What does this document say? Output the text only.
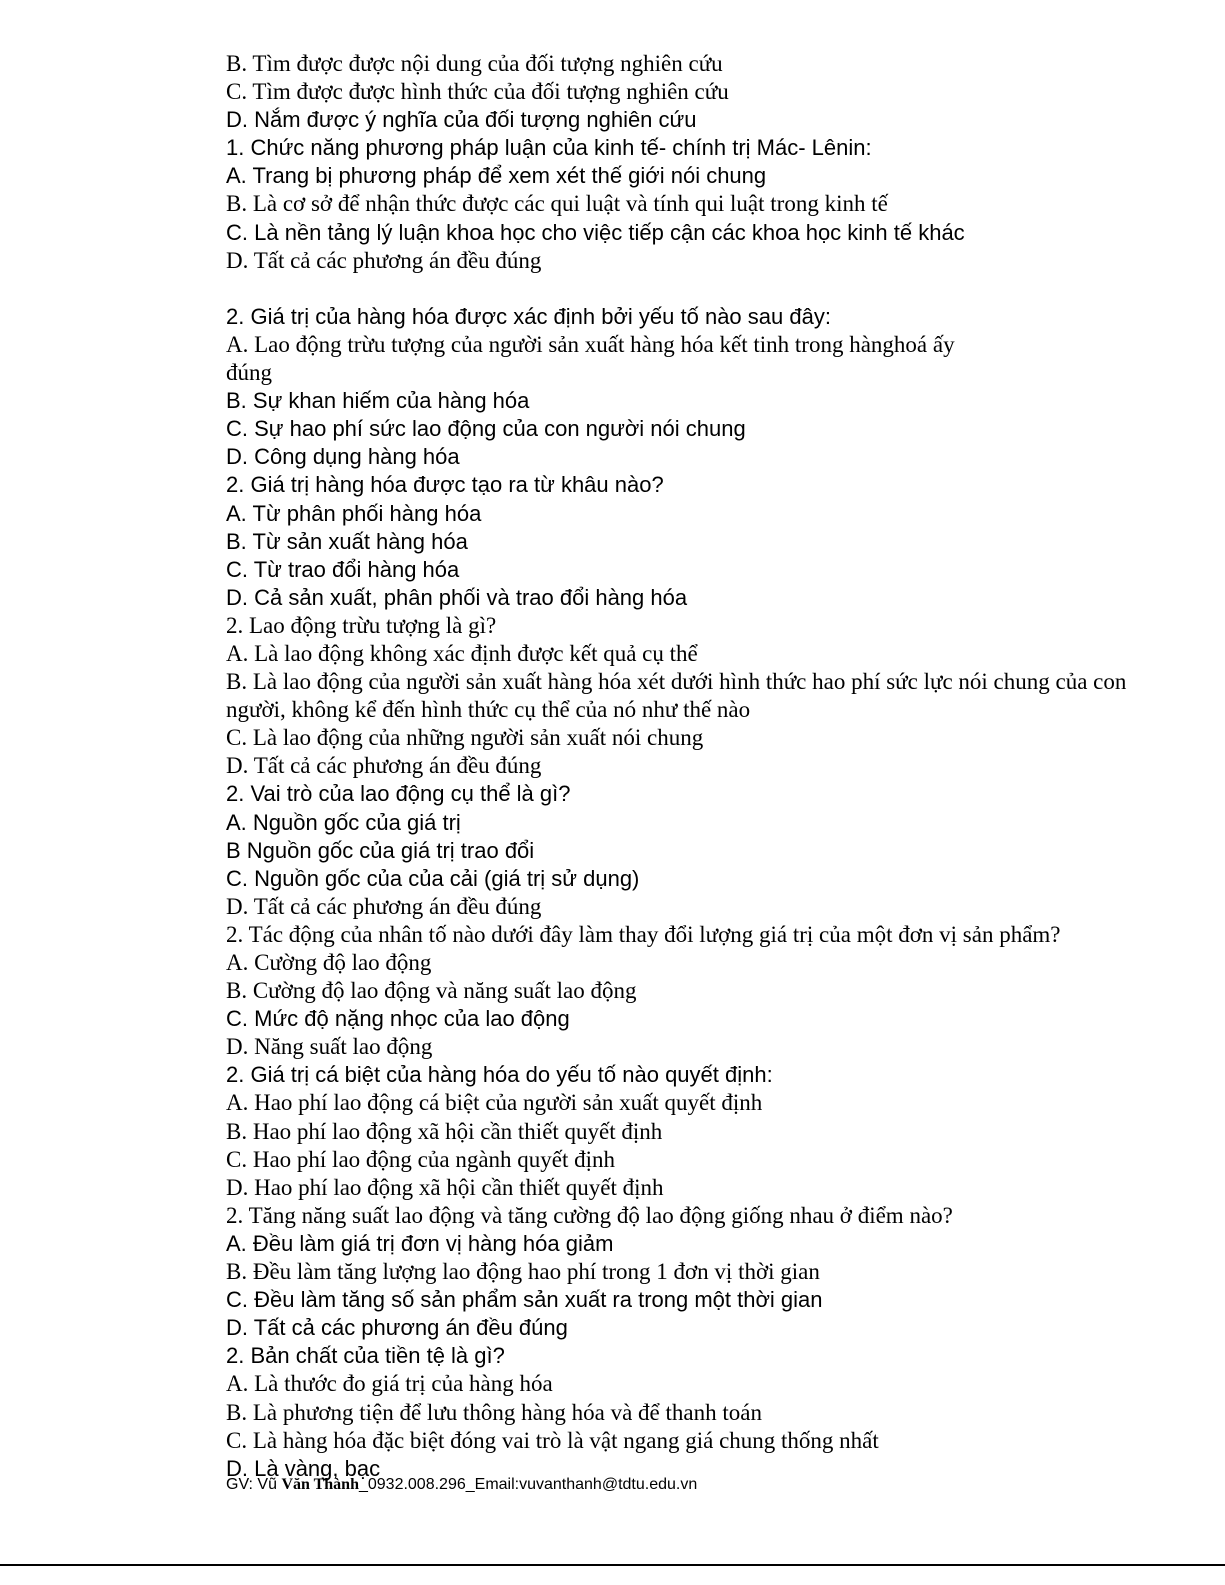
B. Tìm được được nội dung của đối tượng nghiên cứu
C. Tìm được được hình thức của đối tượng nghiên cứu
D. Nắm được ý nghĩa của đối tượng nghiên cứu
1. Chức năng phương pháp luận của kinh tế- chính trị Mác- Lênin:
A. Trang bị phương pháp để xem xét thế giới nói chung
B. Là cơ sở để nhận thức được các qui luật và tính qui luật trong kinh tế
C. Là nền tảng lý luận khoa học cho việc tiếp cận các khoa học kinh tế khác
D. Tất cả các phương án đều đúng
2. Giá trị của hàng hóa được xác định bởi yếu tố nào sau đây:
A. Lao động trừu tượng của người sản xuất hàng hóa kết tinh trong hànghoá ấy
đúng
B. Sự khan hiếm của hàng hóa
C. Sự hao phí sức lao động của con người nói chung
D. Công dụng hàng hóa
2. Giá trị hàng hóa được tạo ra từ khâu nào?
A. Từ phân phối hàng hóa
B. Từ sản xuất hàng hóa
C. Từ trao đổi hàng hóa
D. Cả sản xuất, phân phối và trao đổi hàng hóa
2. Lao động trừu tượng là gì?
A. Là lao động không xác định được kết quả cụ thể
B. Là lao động của người sản xuất hàng hóa xét dưới hình thức hao phí sức lực nói chung của con người, không kể đến hình thức cụ thể của nó như thế nào
C. Là lao động của những người sản xuất nói chung
D. Tất cả các phương án đều đúng
2. Vai trò của lao động cụ thể là gì?
A. Nguồn gốc của giá trị
B Nguồn gốc của giá trị trao đổi
C. Nguồn gốc của của cải (giá trị sử dụng)
D. Tất cả các phương án đều đúng
2. Tác động của nhân tố nào dưới đây làm thay đổi lượng giá trị của một đơn vị sản phẩm?
A. Cường độ lao động
B. Cường độ lao động và năng suất lao động
C. Mức độ nặng nhọc của lao động
D. Năng suất lao động
2. Giá trị cá biệt của hàng hóa do yếu tố nào quyết định:
A. Hao phí lao động cá biệt của người sản xuất quyết định
B. Hao phí lao động xã hội cần thiết quyết định
C. Hao phí lao động của ngành quyết định
D. Hao phí lao động xã hội cần thiết quyết định
2. Tăng năng suất lao động và tăng cường độ lao động giống nhau ở điểm nào?
A. Đều làm giá trị đơn vị hàng hóa giảm
B. Đều làm tăng lượng lao động hao phí trong 1 đơn vị thời gian
C. Đều làm tăng số sản phẩm sản xuất ra trong một thời gian
D. Tất cả các phương án đều đúng
2. Bản chất của tiền tệ là gì?
A. Là thước đo giá trị của hàng hóa
B. Là phương tiện để lưu thông hàng hóa và để thanh toán
C. Là hàng hóa đặc biệt đóng vai trò là vật ngang giá chung thống nhất
D. Là vàng, bạc
GV: Vũ Văn Thành_0932.008.296_Email:vuvanthanh@tdtu.edu.vn
